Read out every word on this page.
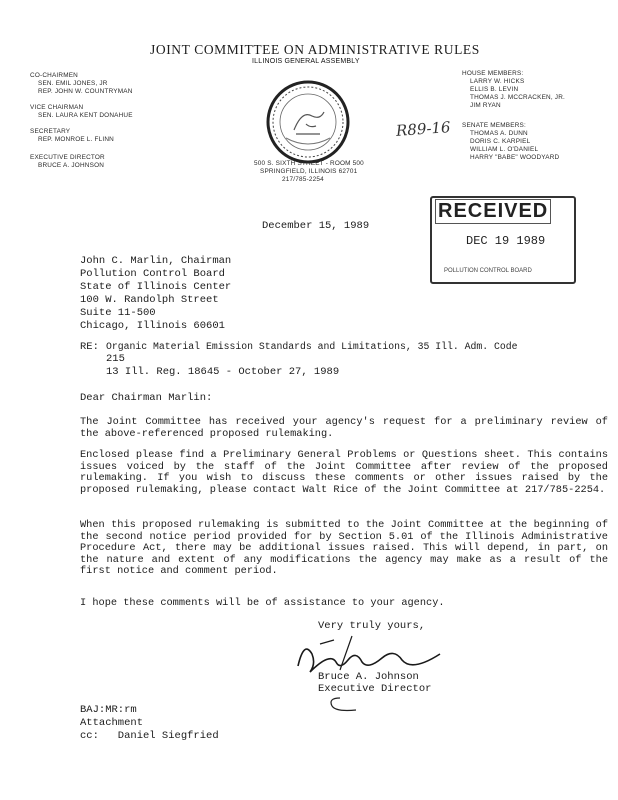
JOINT COMMITTEE ON ADMINISTRATIVE RULES
ILLINOIS GENERAL ASSEMBLY
CO-CHAIRMEN
SEN. EMIL JONES, JR
REP. JOHN W. COUNTRYMAN
VICE CHAIRMAN
SEN. LAURA KENT DONAHUE
SECRETARY
REP. MONROE L. FLINN
EXECUTIVE DIRECTOR
BRUCE A. JOHNSON	500 S. SIXTH STREET - ROOM 500
SPRINGFIELD, ILLINOIS 62701
217/785-2254
HOUSE MEMBERS:
LARRY W. HICKS
ELLIS B. LEVIN
THOMAS J. MCCRACKEN, JR.
JIM RYAN
SENATE MEMBERS:
THOMAS A. DUNN
DORIS C. KARPIEL
WILLIAM L. O'DANIEL
HARRY "BABE" WOODYARD
R89-16
RECEIVED
DEC 19 1989
POLLUTION CONTROL BOARD
December 15, 1989
John C. Marlin, Chairman
Pollution Control Board
State of Illinois Center
100 W. Randolph Street
Suite 11-500
Chicago, Illinois 60601
RE: Organic Material Emission Standards and Limitations, 35 Ill. Adm. Code
215
13 Ill. Reg. 18645 - October 27, 1989
Dear Chairman Marlin:
The Joint Committee has received your agency's request for a preliminary review of the above-referenced proposed rulemaking.
Enclosed please find a Preliminary General Problems or Questions sheet. This contains issues voiced by the staff of the Joint Committee after review of the proposed rulemaking. If you wish to discuss these comments or other issues raised by the proposed rulemaking, please contact Walt Rice of the Joint Committee at 217/785-2254.
When this proposed rulemaking is submitted to the Joint Committee at the beginning of the second notice period provided for by Section 5.01 of the Illinois Administrative Procedure Act, there may be additional issues raised. This will depend, in part, on the nature and extent of any modifications the agency may make as a result of the first notice and comment period.
I hope these comments will be of assistance to your agency.
Very truly yours,
Bruce A. Johnson
Executive Director
BAJ:MR:rm
Attachment
cc:   Daniel Siegfried
